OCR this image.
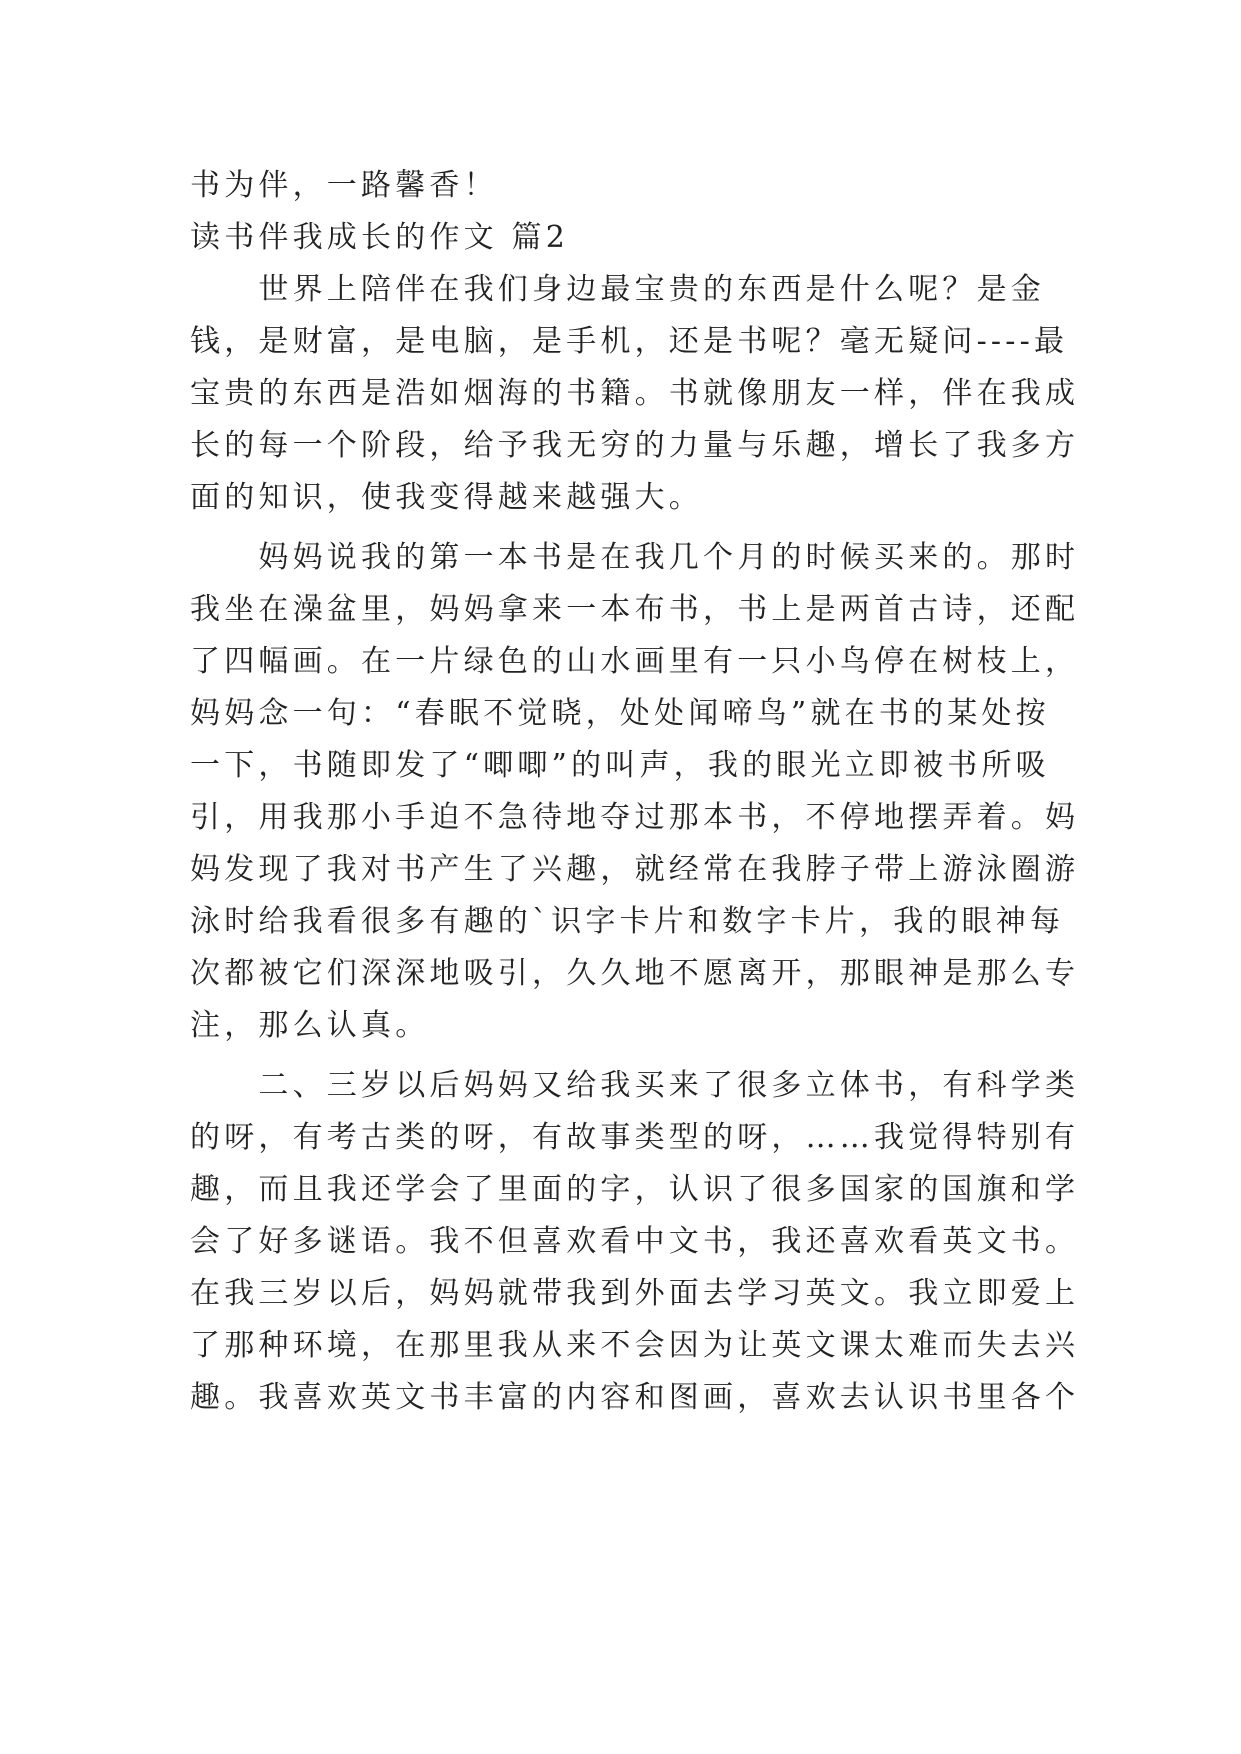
书为伴，一路馨香！
读书伴我成长的作文 篇2
　　世界上陪伴在我们身边最宝贵的东西是什么呢？是金
钱，是财富，是电脑，是手机，还是书呢？毫无疑问----最
宝贵的东西是浩如烟海的书籍。书就像朋友一样，伴在我成
长的每一个阶段，给予我无穷的力量与乐趣，增长了我多方
面的知识，使我变得越来越强大。
　　妈妈说我的第一本书是在我几个月的时候买来的。那时
我坐在澡盆里，妈妈拿来一本布书，书上是两首古诗，还配
了四幅画。在一片绿色的山水画里有一只小鸟停在树枝上，
妈妈念一句：“春眠不觉晓，处处闻啼鸟”就在书的某处按
一下，书随即发了“唧唧”的叫声，我的眼光立即被书所吸
引，用我那小手迫不急待地夺过那本书，不停地摆弄着。妈
妈发现了我对书产生了兴趣，就经常在我脖子带上游泳圈游
泳时给我看很多有趣的`识字卡片和数字卡片，我的眼神每
次都被它们深深地吸引，久久地不愿离开，那眼神是那么专
注，那么认真。
　　二、三岁以后妈妈又给我买来了很多立体书，有科学类
的呀，有考古类的呀，有故事类型的呀，……我觉得特别有
趣，而且我还学会了里面的字，认识了很多国家的国旗和学
会了好多谜语。我不但喜欢看中文书，我还喜欢看英文书。
在我三岁以后，妈妈就带我到外面去学习英文。我立即爱上
了那种环境，在那里我从来不会因为让英文课太难而失去兴
趣。我喜欢英文书丰富的内容和图画，喜欢去认识书里各个
